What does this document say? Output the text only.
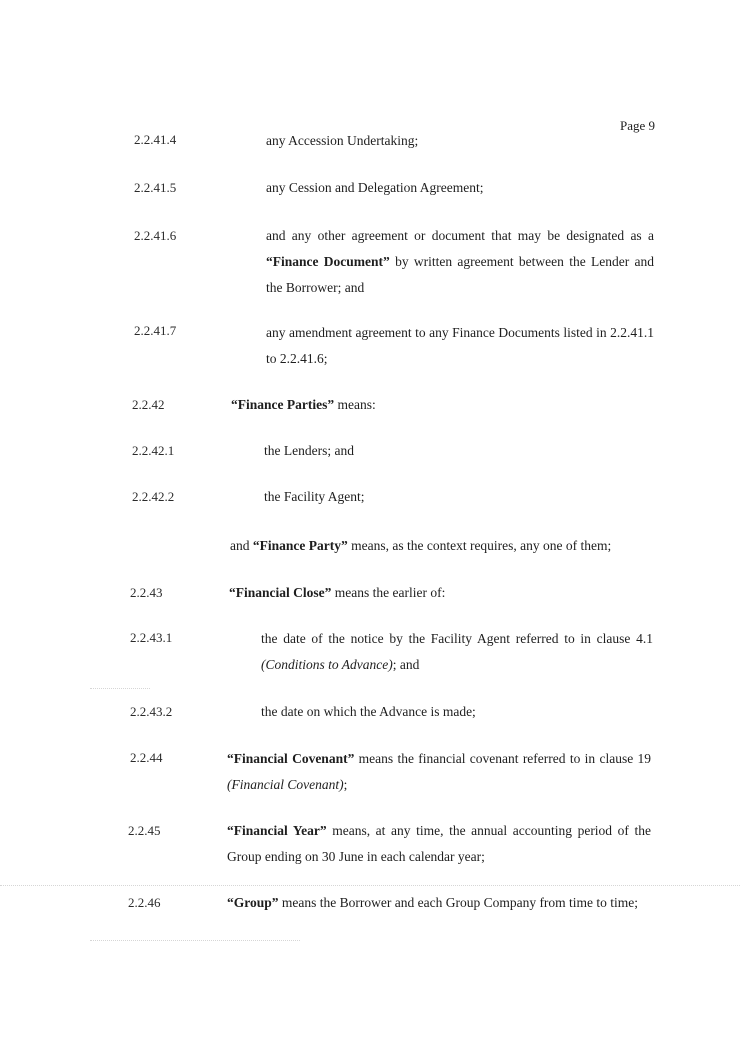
Page 9
2.2.41.4	any Accession Undertaking;
2.2.41.5	any Cession and Delegation Agreement;
2.2.41.6	and any other agreement or document that may be designated as a “Finance Document” by written agreement between the Lender and the Borrower; and
2.2.41.7	any amendment agreement to any Finance Documents listed in 2.2.41.1 to 2.2.41.6;
2.2.42	“Finance Parties” means:
2.2.42.1	the Lenders; and
2.2.42.2	the Facility Agent;
and “Finance Party” means, as the context requires, any one of them;
2.2.43	“Financial Close” means the earlier of:
2.2.43.1	the date of the notice by the Facility Agent referred to in clause 4.1 (Conditions to Advance); and
2.2.43.2	the date on which the Advance is made;
2.2.44	“Financial Covenant” means the financial covenant referred to in clause 19 (Financial Covenant);
2.2.45	“Financial Year” means, at any time, the annual accounting period of the Group ending on 30 June in each calendar year;
2.2.46	“Group” means the Borrower and each Group Company from time to time;
